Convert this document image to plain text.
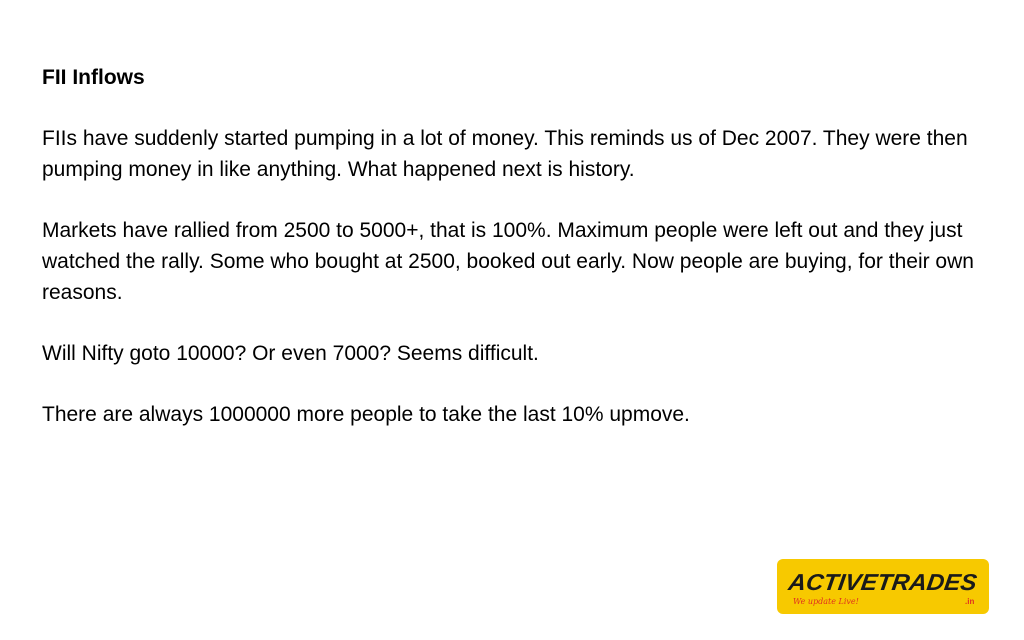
FII Inflows
FIIs have suddenly started pumping in a lot of money. This reminds us of Dec 2007. They were then pumping money in like anything. What happened next is history.
Markets have rallied from 2500 to 5000+, that is 100%. Maximum people were left out and they just watched the rally. Some who bought at 2500, booked out early. Now people are buying, for their own reasons.
Will Nifty goto 10000? Or even 7000? Seems difficult.
There are always 1000000 more people to take the last 10% upmove.
ACTIVETRADES
We update Live!	.in
